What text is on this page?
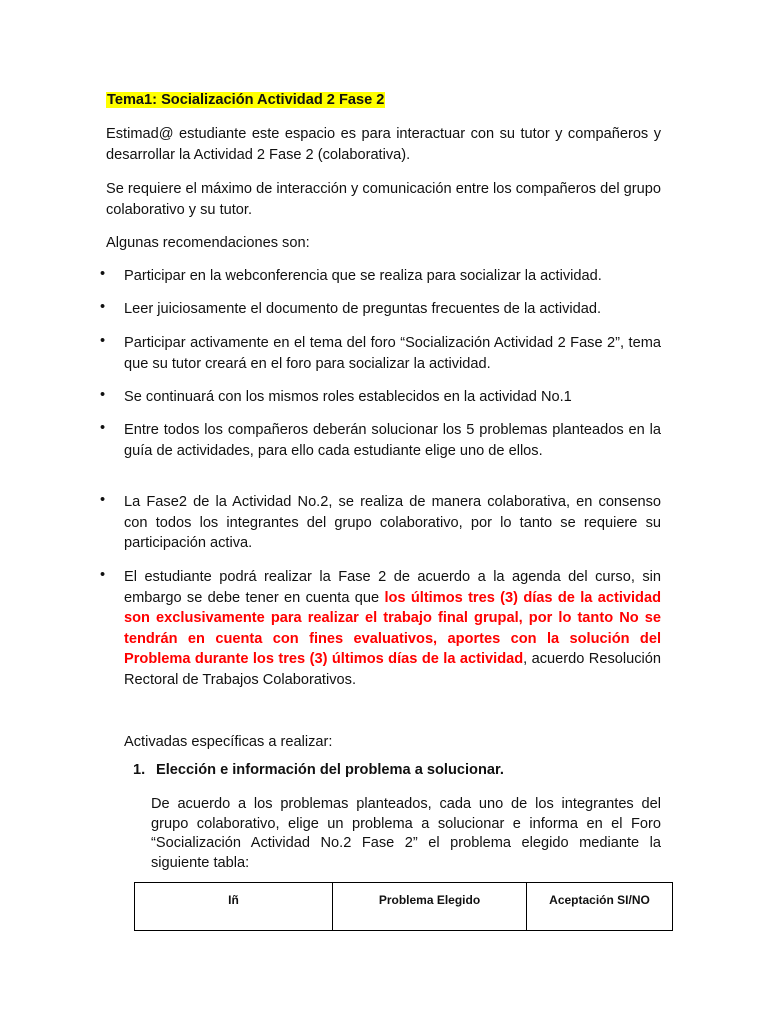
Tema1: Socialización Actividad 2 Fase 2
Estimad@ estudiante este espacio es para interactuar con su tutor y compañeros y desarrollar la Actividad 2 Fase 2 (colaborativa).
Se requiere el máximo de interacción y comunicación entre los compañeros del grupo colaborativo y su tutor.
Algunas recomendaciones son:
• Participar en la webconferencia que se realiza para socializar la actividad.
• Leer juiciosamente el documento de preguntas frecuentes de la actividad.
• Participar activamente en el tema del foro “Socialización Actividad 2 Fase 2”, tema que su tutor creará en el foro para socializar la actividad.
• Se continuará con los mismos roles establecidos en la actividad No.1
• Entre todos los compañeros deberán solucionar los 5 problemas planteados en la guía de actividades, para ello cada estudiante elige uno de ellos.
• La Fase2 de la Actividad No.2, se realiza de manera colaborativa, en consenso con todos los integrantes del grupo colaborativo, por lo tanto se requiere su participación activa.
• El estudiante podrá realizar la Fase 2 de acuerdo a la agenda del curso, sin embargo se debe tener en cuenta que los últimos tres (3) días de la actividad son exclusivamente para realizar el trabajo final grupal, por lo tanto No se tendrán en cuenta con fines evaluativos, aportes con la solución del Problema durante los tres (3) últimos días de la actividad, acuerdo Resolución Rectoral de Trabajos Colaborativos.
Activadas específicas a realizar:
1. Elección e información del problema a solucionar.
De acuerdo a los problemas planteados, cada uno de los integrantes del grupo colaborativo, elige un problema a solucionar e informa en el Foro “Socialización Actividad No.2 Fase 2” el problema elegido mediante la siguiente tabla:
Iñ	Problema Elegido	Aceptación SI/NO
